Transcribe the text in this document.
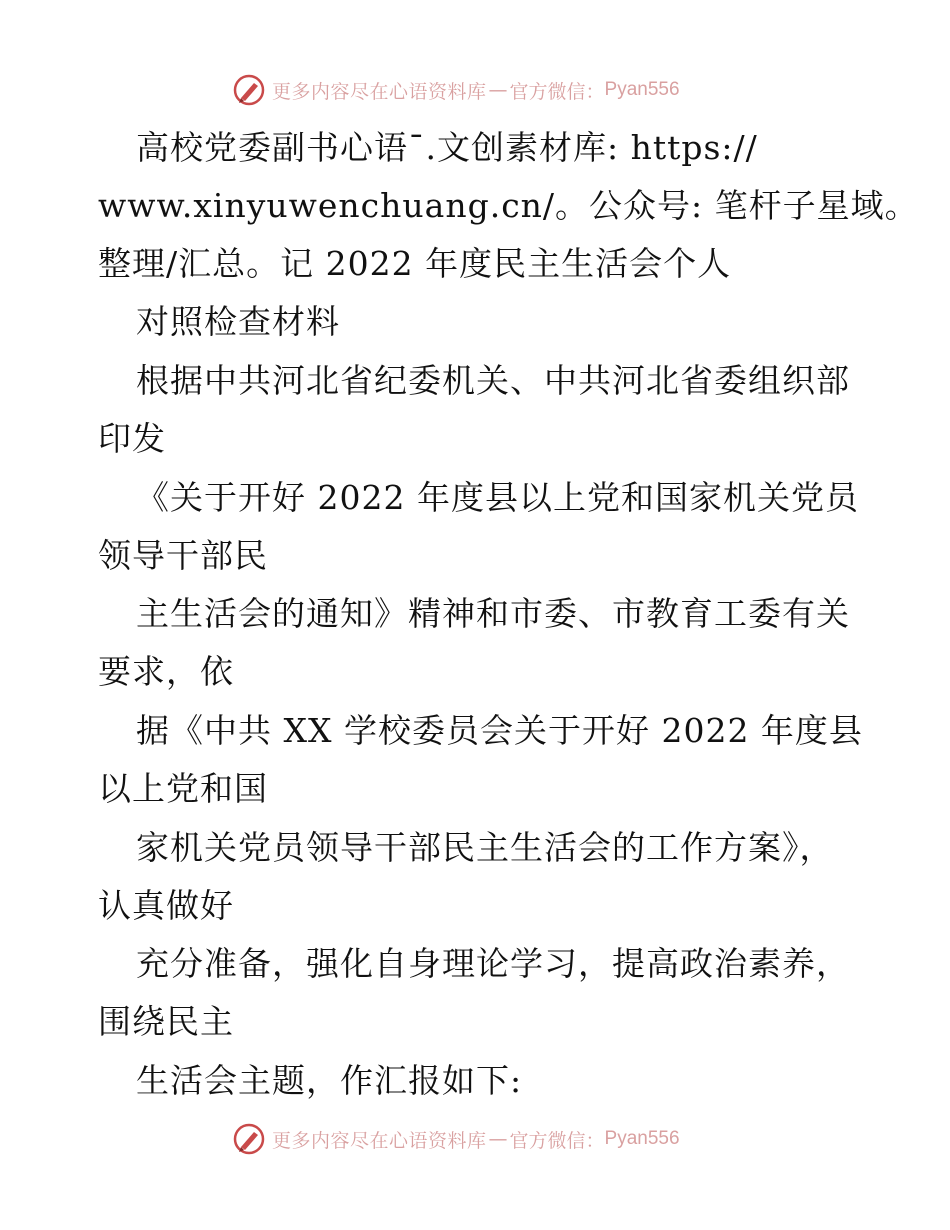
更多内容尽在心语资料库 — 官方微信： Pyan556
高校党委副书心语¯.文创素材库: https://
www.xinyuwenchuang.cn/。公众号: 笔杆子星域。
整理/汇总。记 2022 年度民主生活会个人
对照检查材料
根据中共河北省纪委机关、中共河北省委组织部
印发
《关于开好 2022 年度县以上党和国家机关党员
领导干部民
主生活会的通知》精神和市委、市教育工委有关
要求，依
据《中共 XX 学校委员会关于开好 2022 年度县
以上党和国
家机关党员领导干部民主生活会的工作方案》，
认真做好
充分准备，强化自身理论学习，提高政治素养，
围绕民主
生活会主题，作汇报如下:
更多内容尽在心语资料库 — 官方微信： Pyan556
